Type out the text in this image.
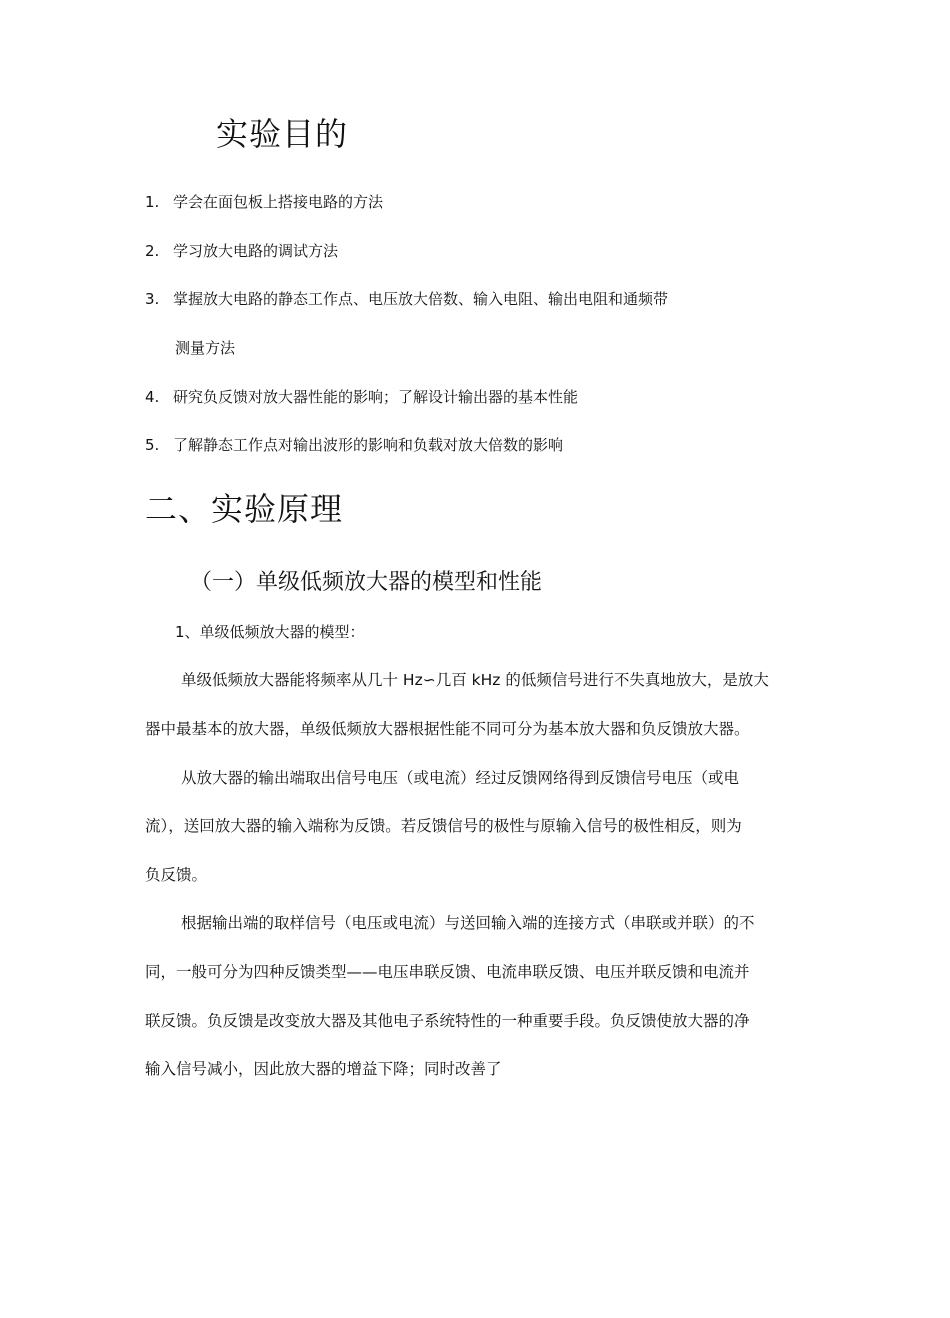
实验目的
1. 学会在面包板上搭接电路的方法
2. 学习放大电路的调试方法
3. 掌握放大电路的静态工作点、电压放大倍数、输入电阻、输出电阻和通频带
测量方法
4. 研究负反馈对放大器性能的影响；了解设计输出器的基本性能
5. 了解静态工作点对输出波形的影响和负载对放大倍数的影响
二、实验原理
（一）单级低频放大器的模型和性能
1、单级低频放大器的模型：
单级低频放大器能将频率从几十 Hz∽几百 kHz 的低频信号进行不失真地放大，是放大
器中最基本的放大器，单级低频放大器根据性能不同可分为基本放大器和负反馈放大器。
从放大器的输出端取出信号电压（或电流）经过反馈网络得到反馈信号电压（或电
流），送回放大器的输入端称为反馈。若反馈信号的极性与原输入信号的极性相反，则为
负反馈。
根据输出端的取样信号（电压或电流）与送回输入端的连接方式（串联或并联）的不
同，一般可分为四种反馈类型——电压串联反馈、电流串联反馈、电压并联反馈和电流并
联反馈。负反馈是改变放大器及其他电子系统特性的一种重要手段。负反馈使放大器的净
输入信号减小，因此放大器的增益下降；同时改善了
